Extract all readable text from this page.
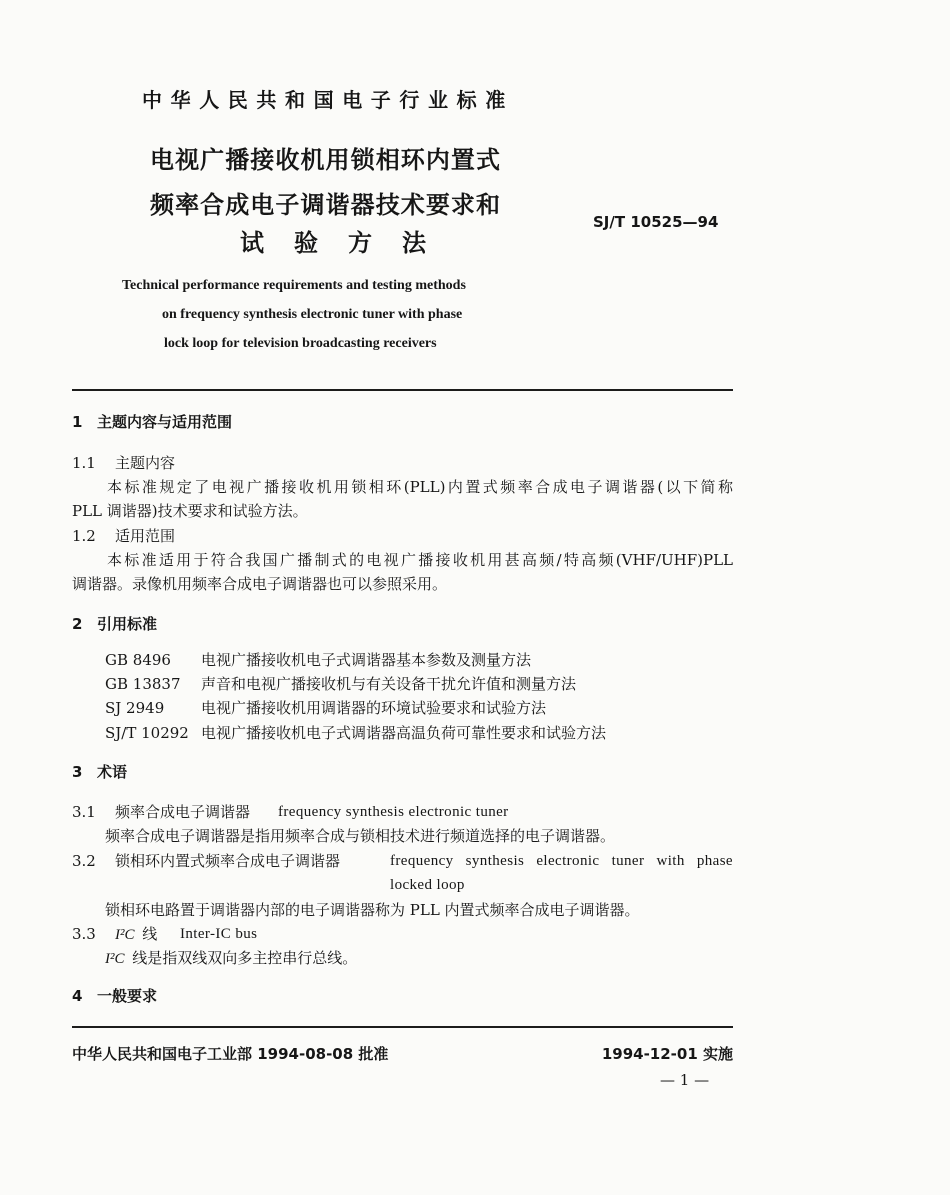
中华人民共和国电子行业标准
电视广播接收机用锁相环内置式
频率合成电子调谐器技术要求和
试验方法
SJ/T 10525—94
Technical performance requirements and testing methods
on frequency synthesis electronic tuner with phase
lock loop for television broadcasting receivers
1 主题内容与适用范围
1.1 主题内容
本标准规定了电视广播接收机用锁相环(PLL)内置式频率合成电子调谐器(以下简称
PLL 调谐器)技术要求和试验方法。
1.2 适用范围
本标准适用于符合我国广播制式的电视广播接收机用甚高频/特高频(VHF/UHF)PLL
调谐器。录像机用频率合成电子调谐器也可以参照采用。
2 引用标准
GB 8496 电视广播接收机电子式调谐器基本参数及测量方法
GB 13837 声音和电视广播接收机与有关设备干扰允许值和测量方法
SJ 2949 电视广播接收机用调谐器的环境试验要求和试验方法
SJ/T 10292 电视广播接收机电子式调谐器高温负荷可靠性要求和试验方法
3 术语
3.1 频率合成电子调谐器 frequency synthesis electronic tuner
频率合成电子调谐器是指用频率合成与锁相技术进行频道选择的电子调谐器。
3.2 锁相环内置式频率合成电子调谐器	frequency synthesis electronic tuner with phase
locked loop
锁相环电路置于调谐器内部的电子调谐器称为 PLL 内置式频率合成电子调谐器。
3.3 I²C 线 Inter-IC bus
I²C 线是指双线双向多主控串行总线。
4 一般要求
中华人民共和国电子工业部 1994-08-08 批准	1994-12-01 实施
— 1 —
